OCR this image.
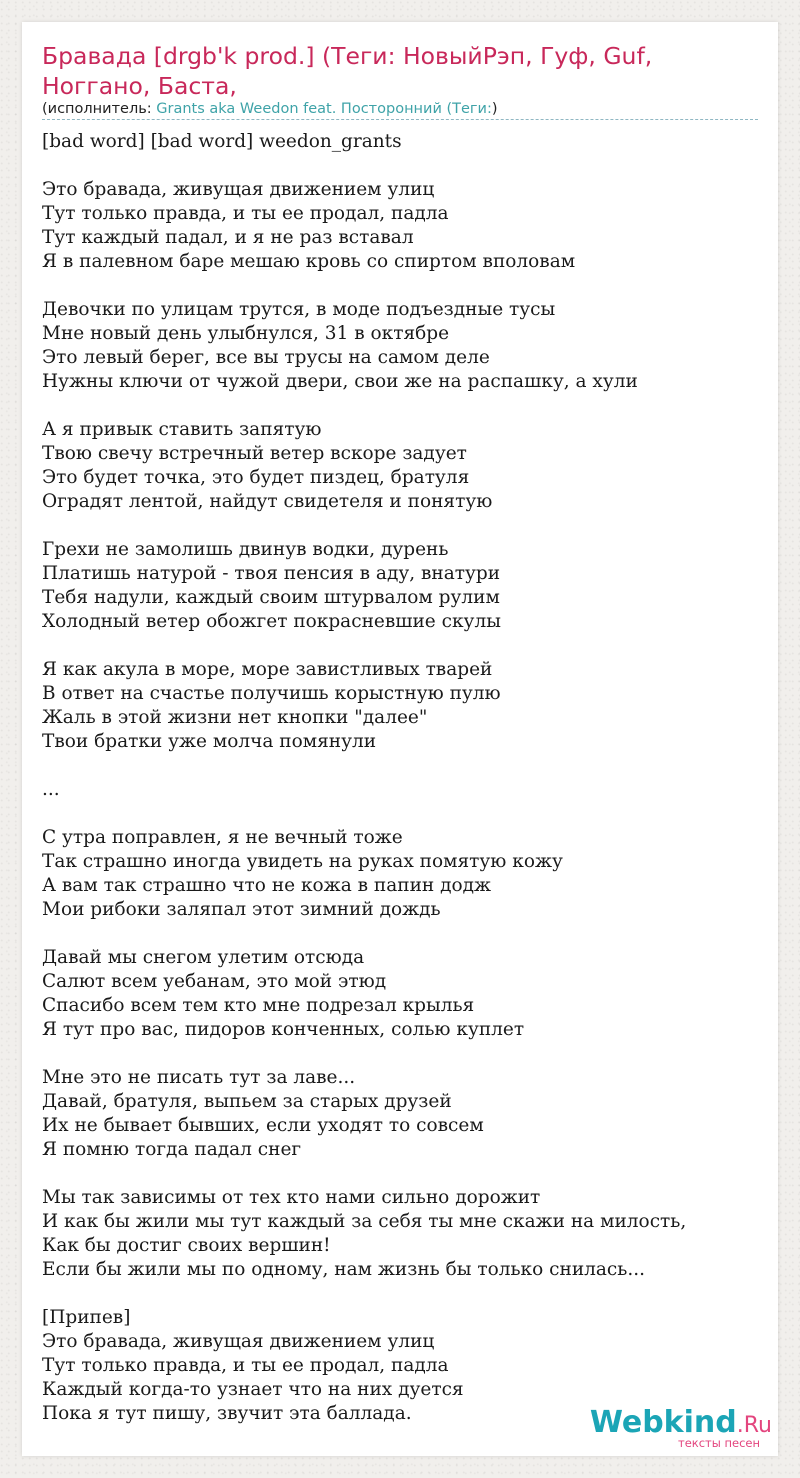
Бравада [drgb'k prod.] (Теги: НовыйРэп, Гуф, Guf, Ноггано, Баста,
(исполнитель: Grants aka Weedon feat. Посторонний (Теги:)
[bad word] [bad word] weedon_grants
Это бравада, живущая движением улиц
Тут только правда, и ты ее продал, падла
Тут каждый падал, и я не раз вставал
Я в палевном баре мешаю кровь со спиртом вполовам
Девочки по улицам трутся, в моде подъездные тусы
Мне новый день улыбнулся, 31 в октябре
Это левый берег, все вы трусы на самом деле
Нужны ключи от чужой двери, свои же на распашку, а хули
А я привык ставить запятую
Твою свечу встречный ветер вскоре задует
Это будет точка, это будет пиздец, братуля
Оградят лентой, найдут свидетеля и понятую
Грехи не замолишь двинув водки, дурень
Платишь натурой - твоя пенсия в аду, внатури
Тебя надули, каждый своим штурвалом рулим
Холодный ветер обожгет покрасневшие скулы
Я как акула в море, море завистливых тварей
В ответ на счастье получишь корыстную пулю
Жаль в этой жизни нет кнопки "далее"
Твои братки уже молча помянули
...
С утра поправлен, я не вечный тоже
Так страшно иногда увидеть на руках помятую кожу
А вам так страшно что не кожа в папин додж
Мои рибоки заляпал этот зимний дождь
Давай мы снегом улетим отсюда
Салют всем уебанам, это мой этюд
Спасибо всем тем кто мне подрезал крылья
Я тут про вас, пидоров конченных, солью куплет
Мне это не писать тут за лаве...
Давай, братуля, выпьем за старых друзей
Их не бывает бывших, если уходят то совсем
Я помню тогда падал снег
Мы так зависимы от тех кто нами сильно дорожит
И как бы жили мы тут каждый за себя ты мне скажи на милость,
Как бы достиг своих вершин!
Если бы жили мы по одному, нам жизнь бы только снилась...
[Припев]
Это бравада, живущая движением улиц
Тут только правда, и ты ее продал, падла
Каждый когда-то узнает что на них дуется
Пока я тут пишу, звучит эта баллада.	Webkind.Ru
тексты песен
